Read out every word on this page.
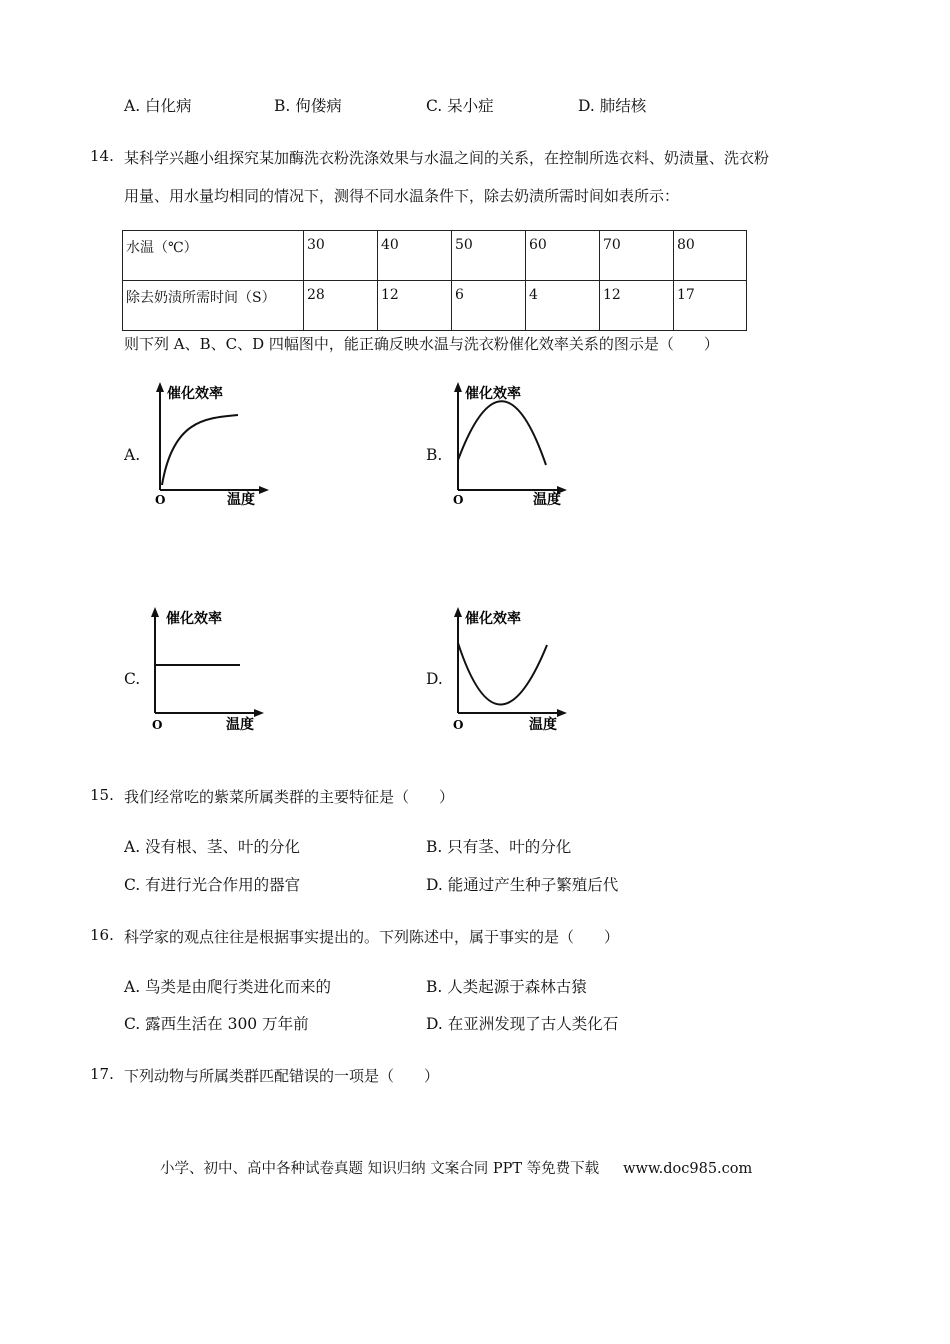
A. 白化病	B. 佝偻病	C. 呆小症	D. 肺结核
14. 某科学兴趣小组探究某加酶洗衣粉洗涤效果与水温之间的关系，在控制所选衣料、奶渍量、洗衣粉
用量、用水量均相同的情况下，测得不同水温条件下，除去奶渍所需时间如表所示：
水温（℃）	30	40	50	60	70	80
除去奶渍所需时间（S）	28	12	6	4	12	17
则下列 A、B、C、D 四幅图中，能正确反映水温与洗衣粉催化效率关系的图示是（　　）
A.
催化效率
温度
O
B.
催化效率
温度
O
C.
催化效率
温度
O
D.
催化效率
温度
O
15. 我们经常吃的紫菜所属类群的主要特征是（　　）
A. 没有根、茎、叶的分化	B. 只有茎、叶的分化
C. 有进行光合作用的器官	D. 能通过产生种子繁殖后代
16. 科学家的观点往往是根据事实提出的。下列陈述中，属于事实的是（　　）
A. 鸟类是由爬行类进化而来的	B. 人类起源于森林古猿
C. 露西生活在 300 万年前	D. 在亚洲发现了古人类化石
17. 下列动物与所属类群匹配错误的一项是（　　）
小学、初中、高中各种试卷真题 知识归纳 文案合同 PPT 等免费下载 www.doc985.com
